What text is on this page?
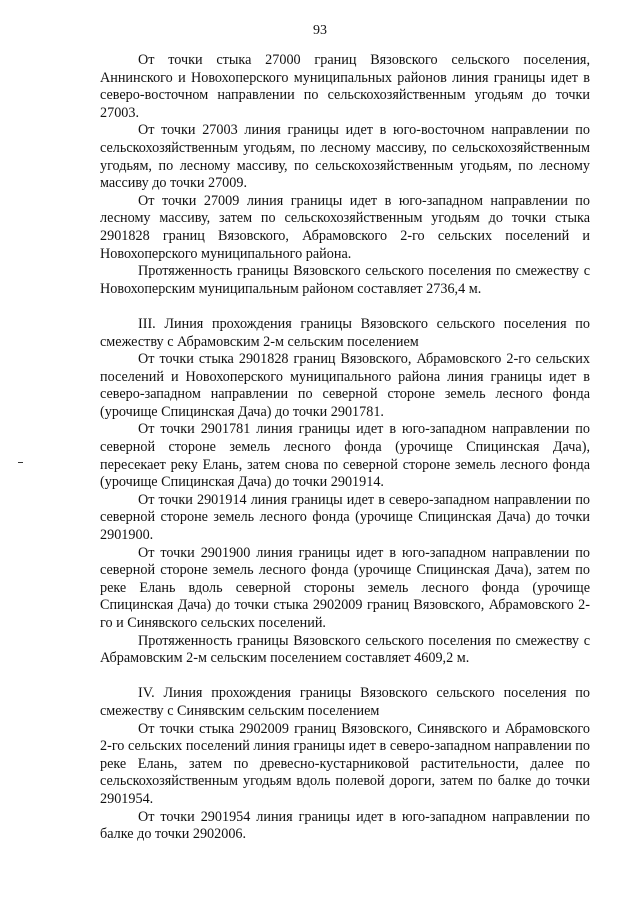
93

От точки стыка 27000 границ Вязовского сельского поселения, Аннинского и Новохоперского муниципальных районов линия границы идет в северо-восточном направлении по сельскохозяйственным угодьям до точки 27003.

От точки 27003 линия границы идет в юго-восточном направлении по сельскохозяйственным угодьям, по лесному массиву, по сельскохозяйственным угодьям, по лесному массиву, по сельскохозяйственным угодьям, по лесному массиву до точки 27009.

От точки 27009 линия границы идет в юго-западном направлении по лесному массиву, затем по сельскохозяйственным угодьям до точки стыка 2901828 границ Вязовского, Абрамовского 2-го сельских поселений и Новохоперского муниципального района.

Протяженность границы Вязовского сельского поселения по смежеству с Новохоперским муниципальным районом составляет 2736,4 м.

III. Линия прохождения границы Вязовского сельского поселения по смежеству с Абрамовским 2-м сельским поселением

От точки стыка 2901828 границ Вязовского, Абрамовского 2-го сельских поселений и Новохоперского муниципального района линия границы идет в северо-западном направлении по северной стороне земель лесного фонда (урочище Спицинская Дача) до точки 2901781.

От точки 2901781 линия границы идет в юго-западном направлении по северной стороне земель лесного фонда (урочище Спицинская Дача), пересекает реку Елань, затем снова по северной стороне земель лесного фонда (урочище Спицинская Дача) до точки 2901914.

От точки 2901914 линия границы идет в северо-западном направлении по северной стороне земель лесного фонда (урочище Спицинская Дача) до точки 2901900.

От точки 2901900 линия границы идет в юго-западном направлении по северной стороне земель лесного фонда (урочище Спицинская Дача), затем по реке Елань вдоль северной стороны земель лесного фонда (урочище Спицинская Дача) до точки стыка 2902009 границ Вязовского, Абрамовского 2-го и Синявского сельских поселений.

Протяженность границы Вязовского сельского поселения по смежеству с Абрамовским 2-м сельским поселением составляет 4609,2 м.

IV. Линия прохождения границы Вязовского сельского поселения по смежеству с Синявским сельским поселением

От точки стыка 2902009 границ Вязовского, Синявского и Абрамовского 2-го сельских поселений линия границы идет в северо-западном направлении по реке Елань, затем по древесно-кустарниковой растительности, далее по сельскохозяйственным угодьям вдоль полевой дороги, затем по балке до точки 2901954.

От точки 2901954 линия границы идет в юго-западном направлении по балке до точки 2902006.
